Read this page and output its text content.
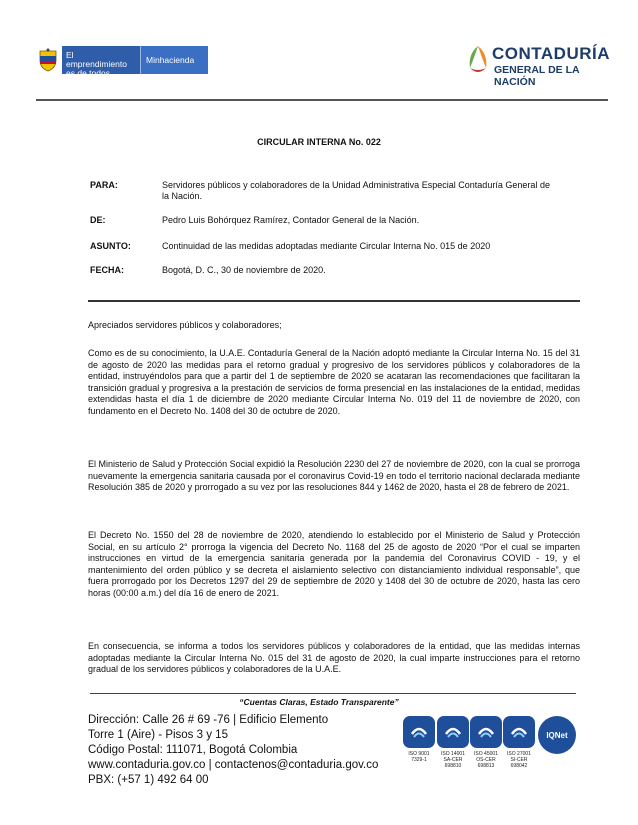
El emprendimiento es de todos
Minhacienda	CONTADURÍA
GENERAL DE LA NACIÓN
CIRCULAR INTERNA No. 022
PARA:	Servidores públicos y colaboradores de la Unidad Administrativa Especial Contaduría General de la Nación.
DE:	Pedro Luis Bohórquez Ramírez, Contador General de la Nación.
ASUNTO:	Continuidad de las medidas adoptadas mediante Circular Interna No. 015 de 2020
FECHA:	Bogotá, D. C., 30 de noviembre de 2020.
Apreciados servidores públicos y colaboradores;
Como es de su conocimiento, la U.A.E. Contaduría General de la Nación adoptó mediante la Circular Interna No. 15 del 31 de agosto de 2020 las medidas para el retorno gradual y progresivo de los servidores públicos y colaboradores de la entidad, instruyéndolos para que a partir del 1 de septiembre de 2020 se acataran las recomendaciones que facilitaran la transición gradual y progresiva a la prestación de servicios de forma presencial en las instalaciones de la entidad, medidas extendidas hasta el día 1 de diciembre de 2020 mediante Circular Interna No. 019 del 11 de noviembre de 2020, con fundamento en el Decreto No. 1408 del 30 de octubre de 2020.
El Ministerio de Salud y Protección Social expidió la Resolución 2230 del 27 de noviembre de 2020, con la cual se prorroga nuevamente la emergencia sanitaria causada por el coronavirus Covid-19 en todo el territorio nacional declarada mediante Resolución 385 de 2020 y prorrogado a su vez por las resoluciones 844 y 1462 de 2020, hasta el 28 de febrero de 2021.
El Decreto No. 1550 del 28 de noviembre de 2020, atendiendo lo establecido por el Ministerio de Salud y Protección Social, en su artículo 2° prorroga la vigencia del Decreto No. 1168 del 25 de agosto de 2020 “Por el cual se imparten instrucciones en virtud de la emergencia sanitaria generada por la pandemia del Coronavirus COVID - 19, y el mantenimiento del orden público y se decreta el aislamiento selectivo con distanciamiento individual responsable”, que fuera prorrogado por los Decretos 1297 del 29 de septiembre de 2020 y 1408 del 30 de octubre de 2020, hasta las cero horas (00:00 a.m.) del día 16 de enero de 2021.
En consecuencia, se informa a todos los servidores públicos y colaboradores de la entidad, que las medidas internas adoptadas mediante la Circular Interna No. 015 del 31 de agosto de 2020, la cual imparte instrucciones para el retorno gradual de los servidores públicos y colaboradores de la U.A.E.
“Cuentas Claras, Estado Transparente”
Dirección: Calle 26 # 69 -76 | Edificio Elemento
Torre 1 (Aire) - Pisos 3 y 15
Código Postal: 111071, Bogotá Colombia
www.contaduria.gov.co | contactenos@contaduria.gov.co
PBX: (+57 1) 492 64 00
ISO 9001
7329-1
ISO 14001
SA-CER 698810
ISO 45001
OS-CER 698813
ISO 27001
SI-CER 698042
IQNet
